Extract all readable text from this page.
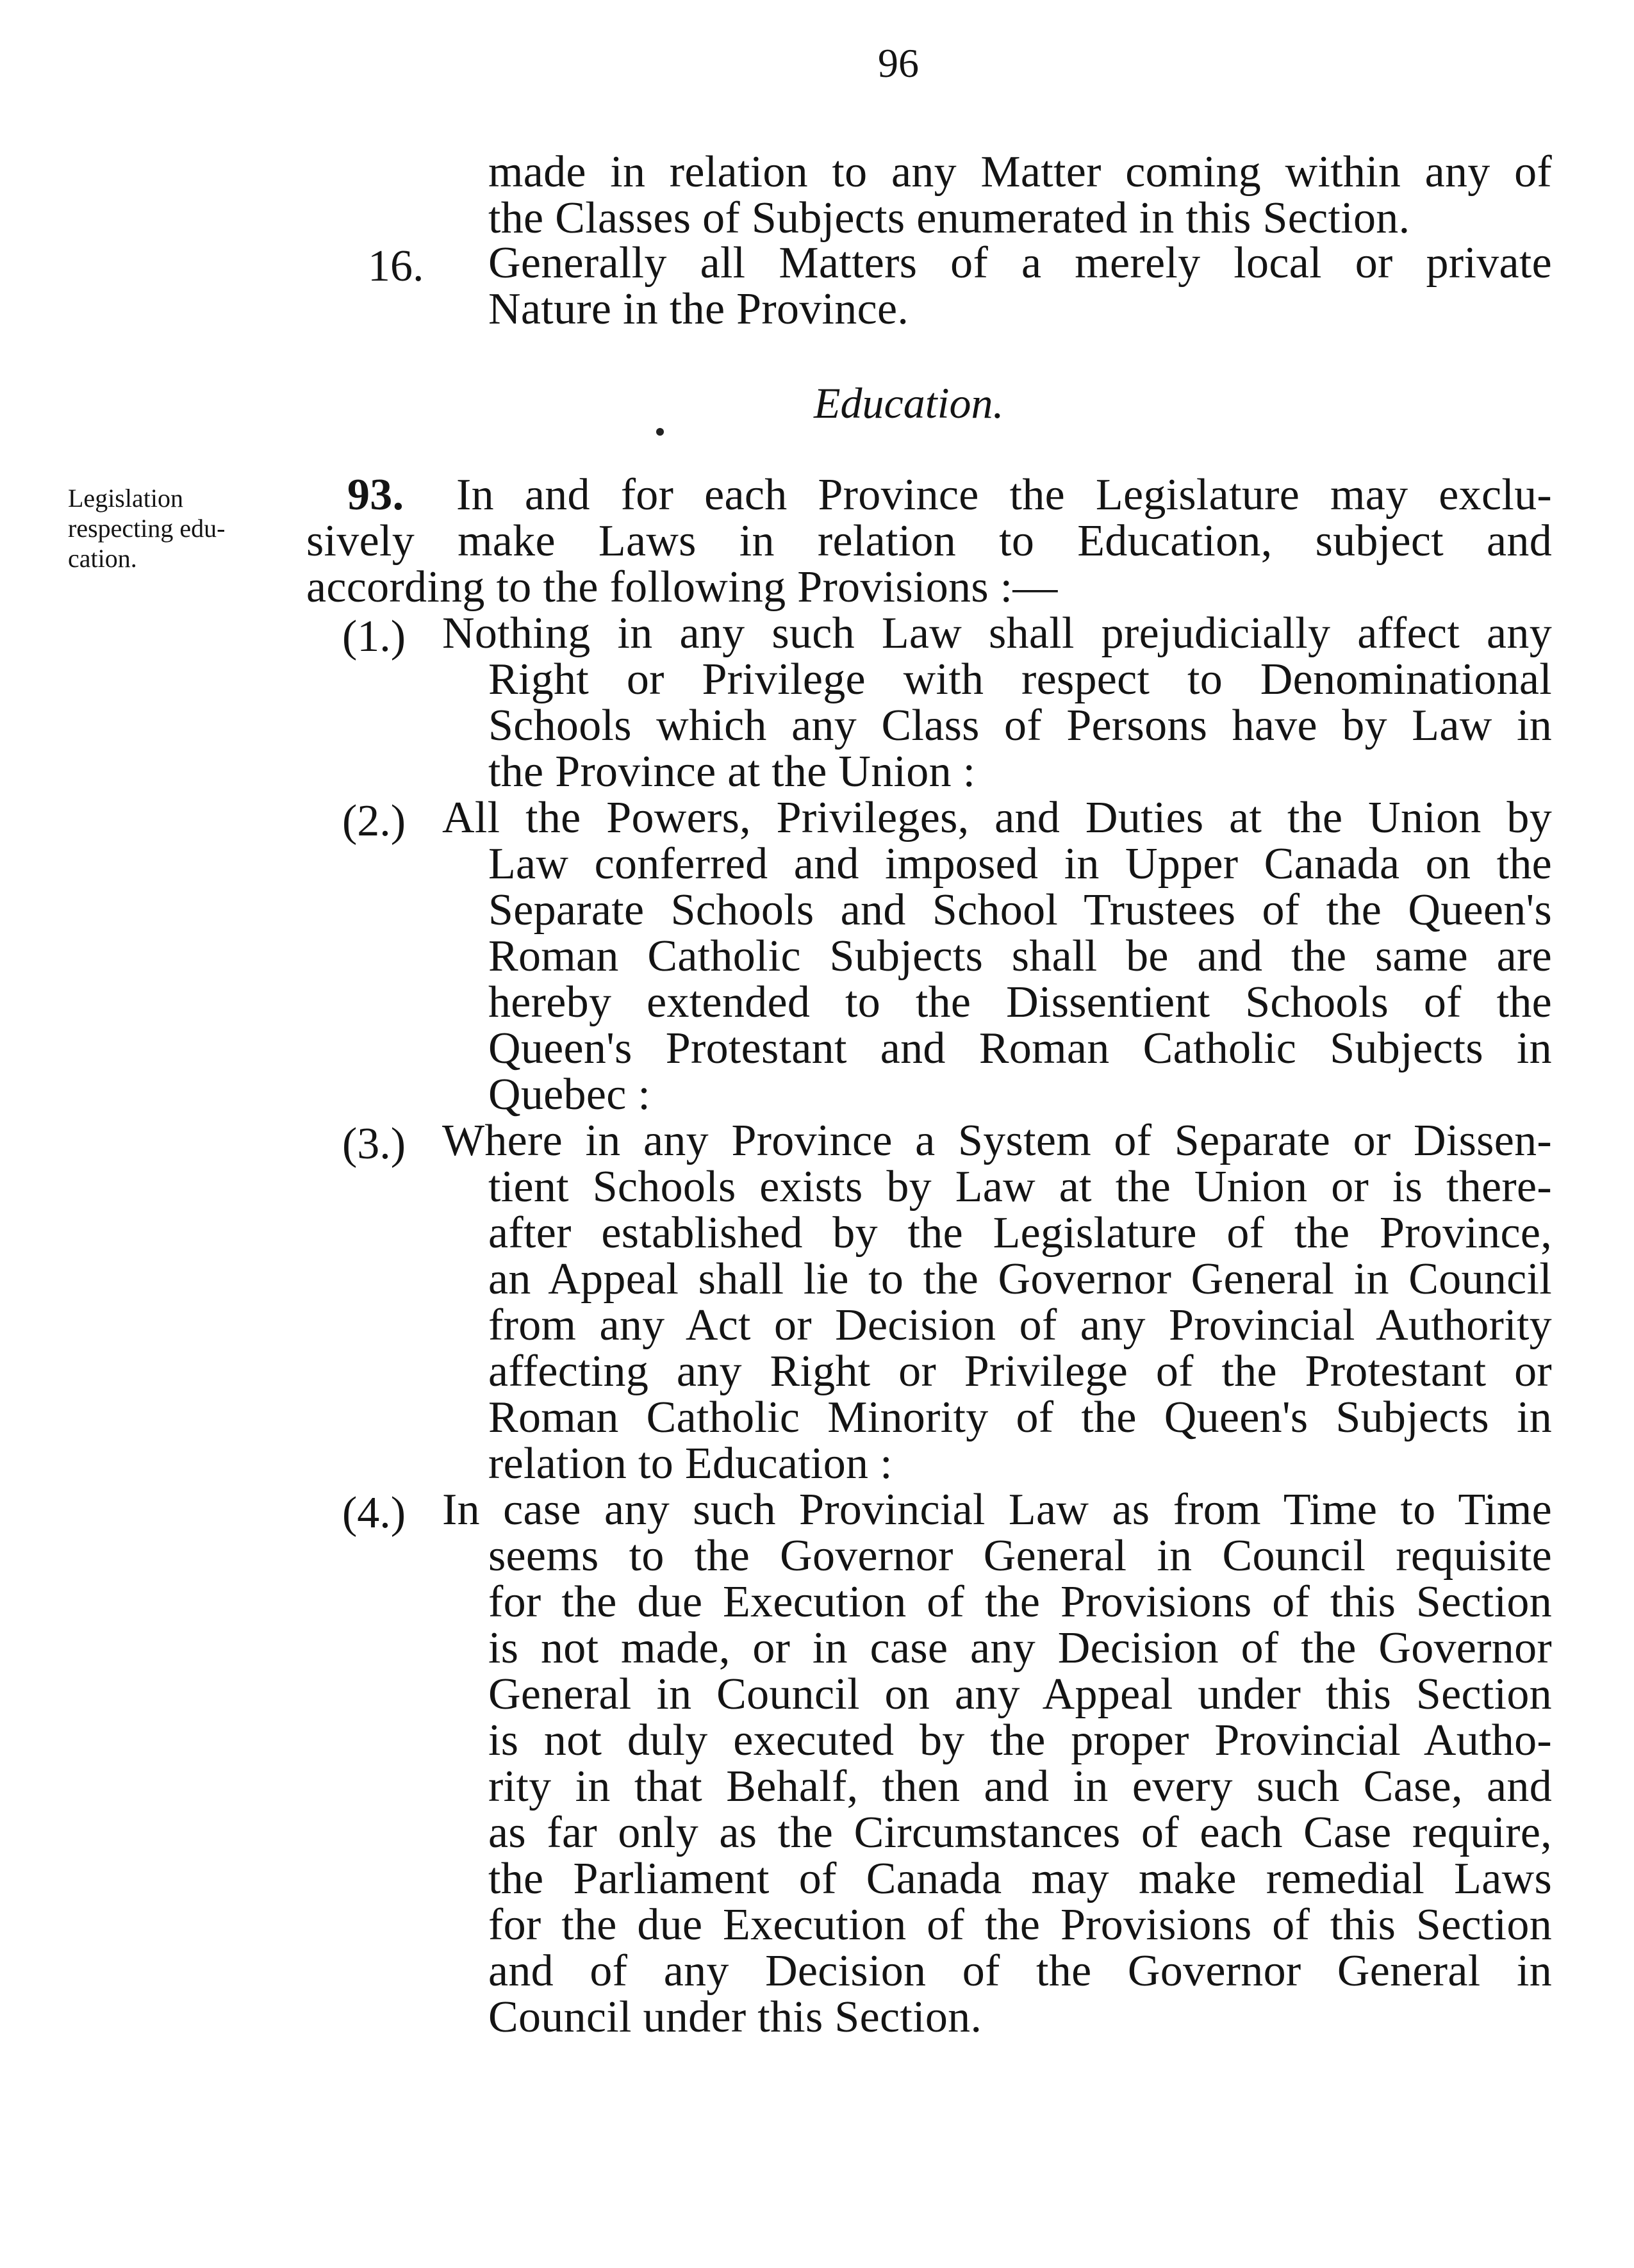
96
made in relation to any Matter coming within any of
the Classes of Subjects enumerated in this Section.
16. Generally all Matters of a merely local or private
Nature in the Province.
Education.
Legislation
respecting edu-
cation.
93. In and for each Province the Legislature may exclu-
sively make Laws in relation to Education, subject and
according to the following Provisions :—
(1.) Nothing in any such Law shall prejudicially affect any
Right or Privilege with respect to Denominational
Schools which any Class of Persons have by Law in
the Province at the Union :
(2.) All the Powers, Privileges, and Duties at the Union by
Law conferred and imposed in Upper Canada on the
Separate Schools and School Trustees of the Queen's
Roman Catholic Subjects shall be and the same are
hereby extended to the Dissentient Schools of the
Queen's Protestant and Roman Catholic Subjects in
Quebec :
(3.) Where in any Province a System of Separate or Dissen-
tient Schools exists by Law at the Union or is there-
after established by the Legislature of the Province,
an Appeal shall lie to the Governor General in Council
from any Act or Decision of any Provincial Authority
affecting any Right or Privilege of the Protestant or
Roman Catholic Minority of the Queen's Subjects in
relation to Education :
(4.) In case any such Provincial Law as from Time to Time
seems to the Governor General in Council requisite
for the due Execution of the Provisions of this Section
is not made, or in case any Decision of the Governor
General in Council on any Appeal under this Section
is not duly executed by the proper Provincial Autho-
rity in that Behalf, then and in every such Case, and
as far only as the Circumstances of each Case require,
the Parliament of Canada may make remedial Laws
for the due Execution of the Provisions of this Section
and of any Decision of the Governor General in
Council under this Section.
